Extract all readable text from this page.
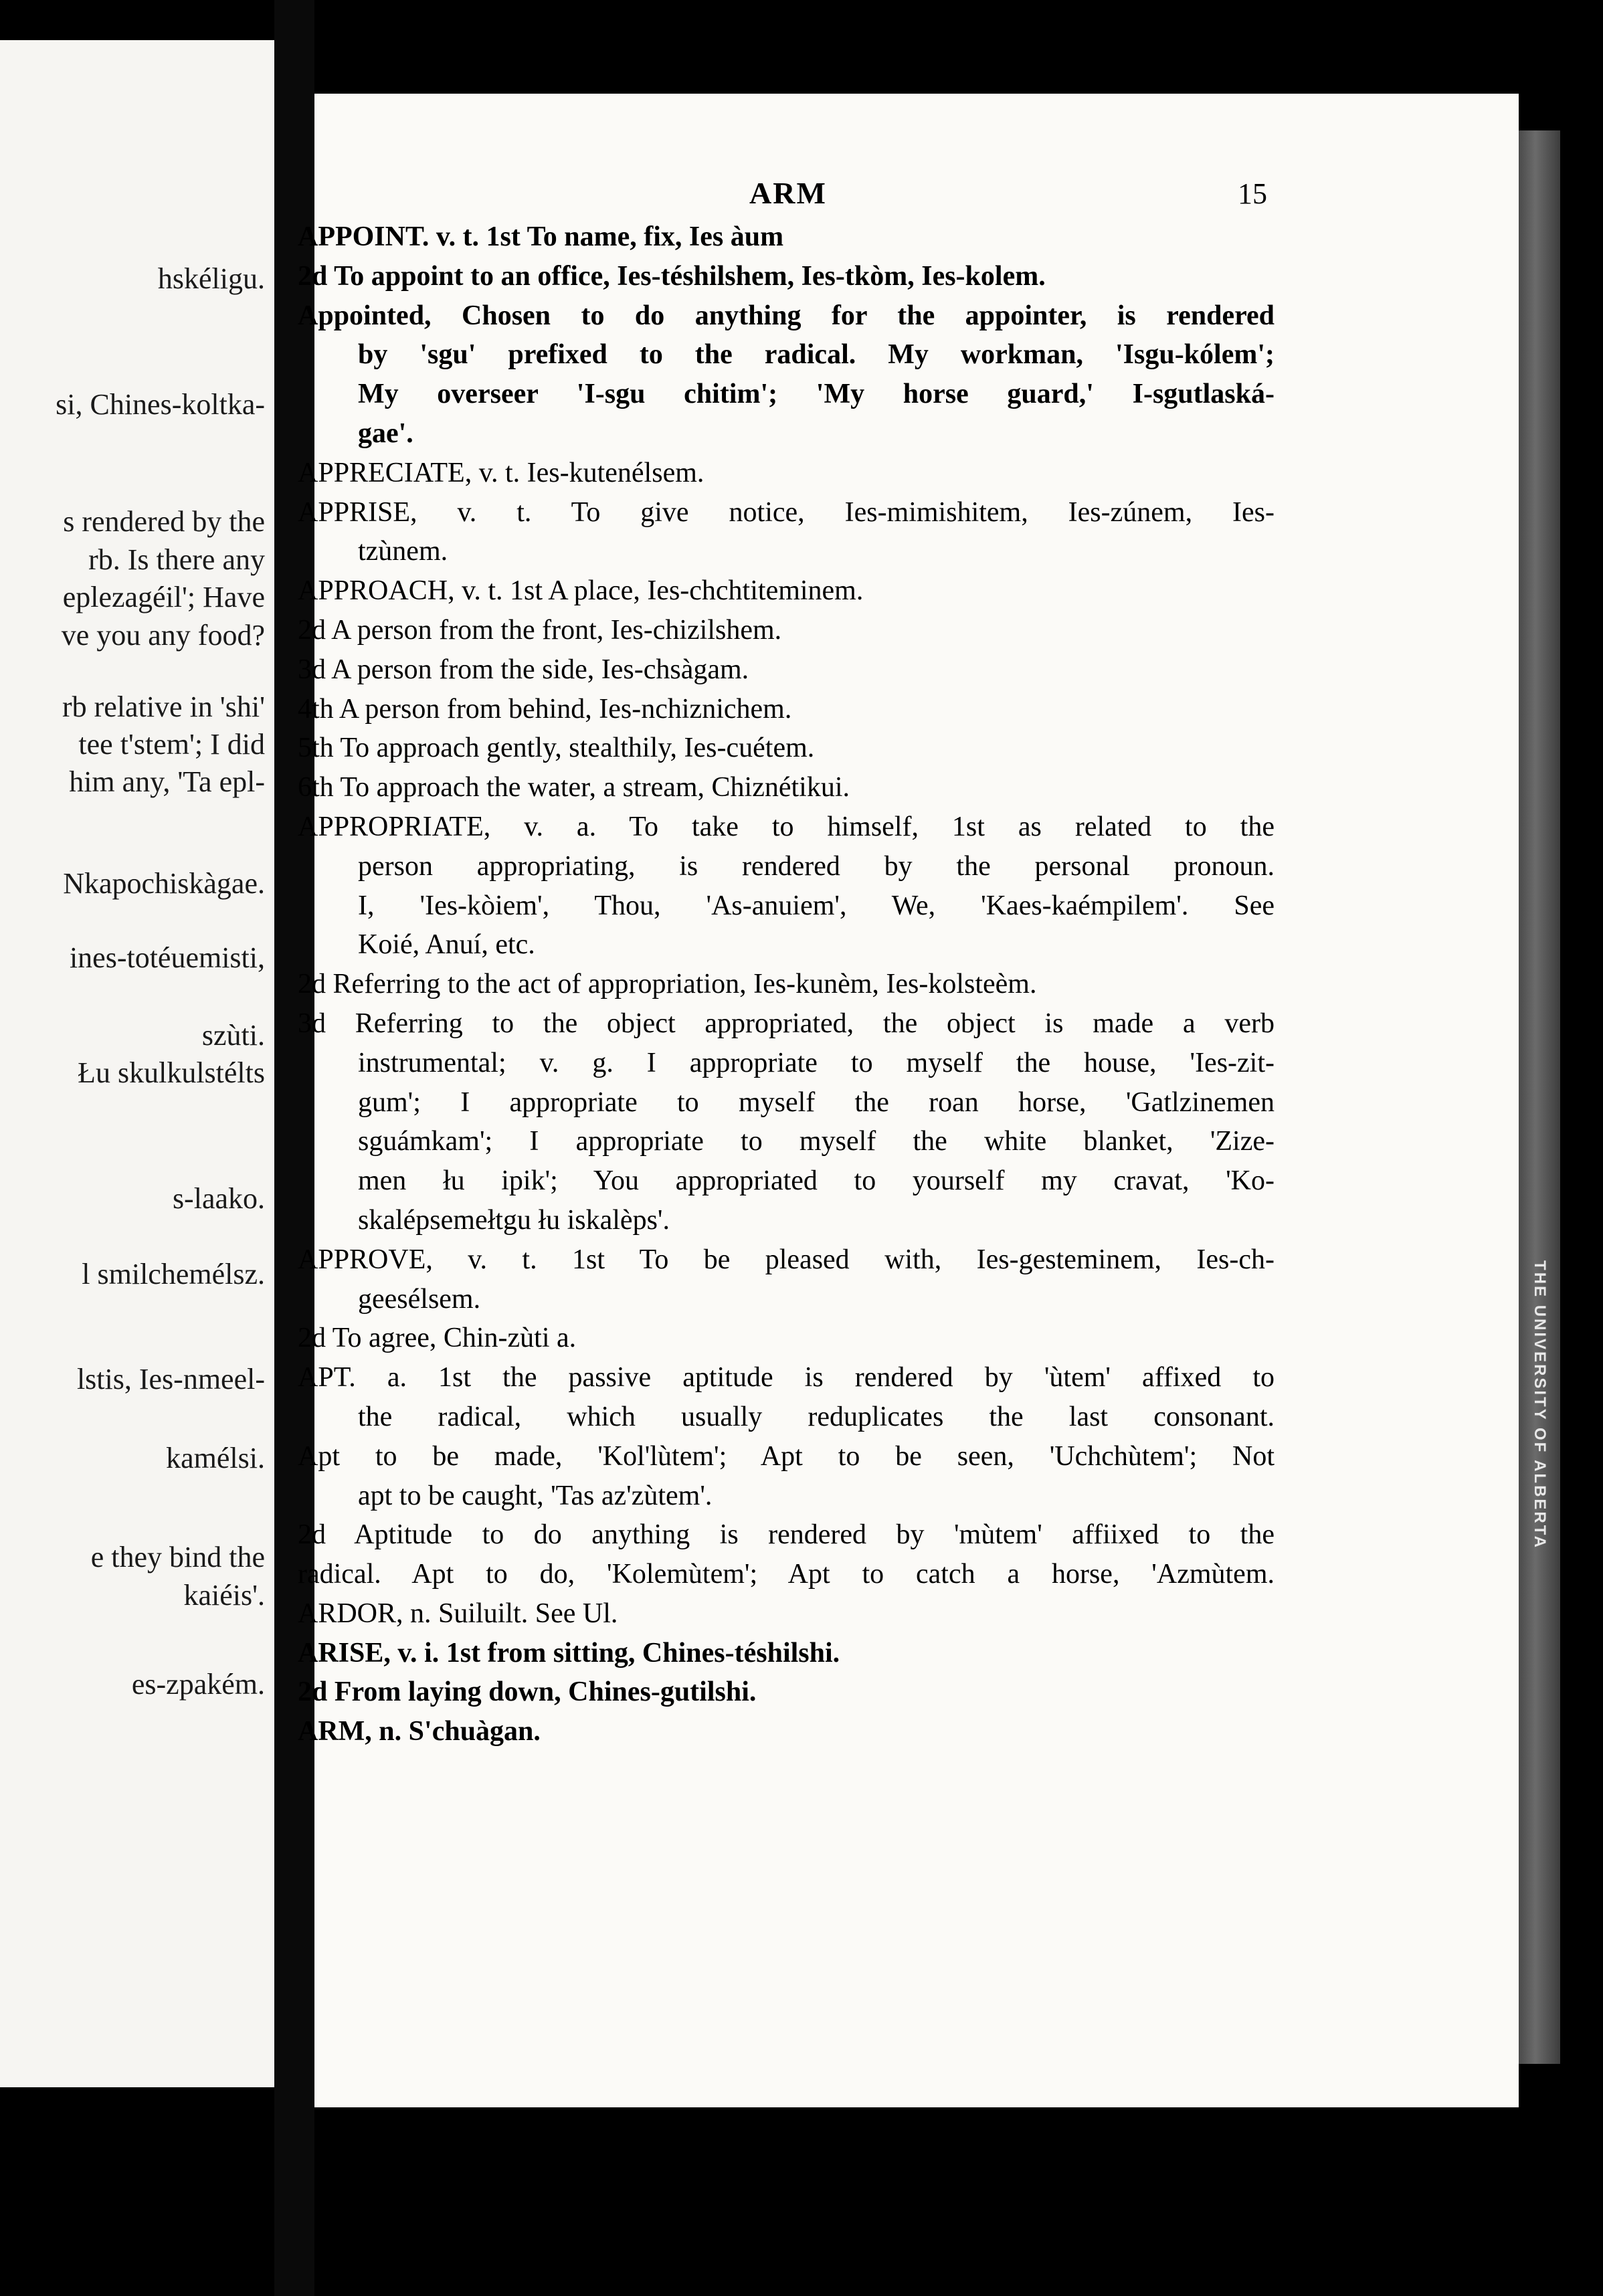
hskéligu.
si, Chines-koltka-
s rendered by the
rb. Is there any
eplezagéil'; Have
ve you any food?
rb relative in 'shi'
tee t'stem'; I did
him any, 'Ta epl-
Nkapochiskàgae.
ines-totéuemisti,
szùti.
Łu skulkulstélts
s-laako.
l smilchemélsz.
lstis, Ies-nmeel-
kamélsi.
e they bind the
kaiéis'.
es-zpakém.
THE UNIVERSITY OF ALBERTA
ARM	15
APPOINT. v. t. 1st To name, fix, Ies àum
2d To appoint to an office, Ies-téshilshem, Ies-tkòm, Ies-kolem.
Appointed, Chosen to do anything for the appointer, is rendered
by 'sgu' prefixed to the radical. My workman, 'Isgu-kólem';
My overseer 'I-sgu chitim'; 'My horse guard,' I-sgutlaská-
gae'.
APPRECIATE, v. t. Ies-kutenélsem.
APPRISE, v. t. To give notice, Ies-mimishitem, Ies-zúnem, Ies-
tzùnem.
APPROACH, v. t. 1st A place, Ies-chchtiteminem.
2d A person from the front, Ies-chizilshem.
3d A person from the side, Ies-chsàgam.
4th A person from behind, Ies-nchiznichem.
5th To approach gently, stealthily, Ies-cuétem.
6th To approach the water, a stream, Chiznétikui.
APPROPRIATE, v. a. To take to himself, 1st as related to the
person appropriating, is rendered by the personal pronoun.
I, 'Ies-kòiem', Thou, 'As-anuiem', We, 'Kaes-kaémpilem'. See
Koié, Anuí, etc.
2d Referring to the act of appropriation, Ies-kunèm, Ies-kolsteèm.
3d Referring to the object appropriated, the object is made a verb
instrumental; v. g. I appropriate to myself the house, 'Ies-zit-
gum'; I appropriate to myself the roan horse, 'Gatlzinemen
sguámkam'; I appropriate to myself the white blanket, 'Zize-
men łu ipik'; You appropriated to yourself my cravat, 'Ko-
skalépsemełtgu łu iskalèps'.
APPROVE, v. t. 1st To be pleased with, Ies-gesteminem, Ies-ch-
geesélsem.
2d To agree, Chin-zùti a.
APT. a. 1st the passive aptitude is rendered by 'ùtem' affixed to
the radical, which usually reduplicates the last consonant.
Apt to be made, 'Kol'lùtem'; Apt to be seen, 'Uchchùtem'; Not
apt to be caught, 'Tas az'zùtem'.
2d Aptitude to do anything is rendered by 'mùtem' affiixed to the
radical. Apt to do, 'Kolemùtem'; Apt to catch a horse, 'Azmùtem.
ARDOR, n. Suiluilt. See Ul.
ARISE, v. i. 1st from sitting, Chines-téshilshi.
2d From laying down, Chines-gutilshi.
ARM, n. S'chuàgan.
